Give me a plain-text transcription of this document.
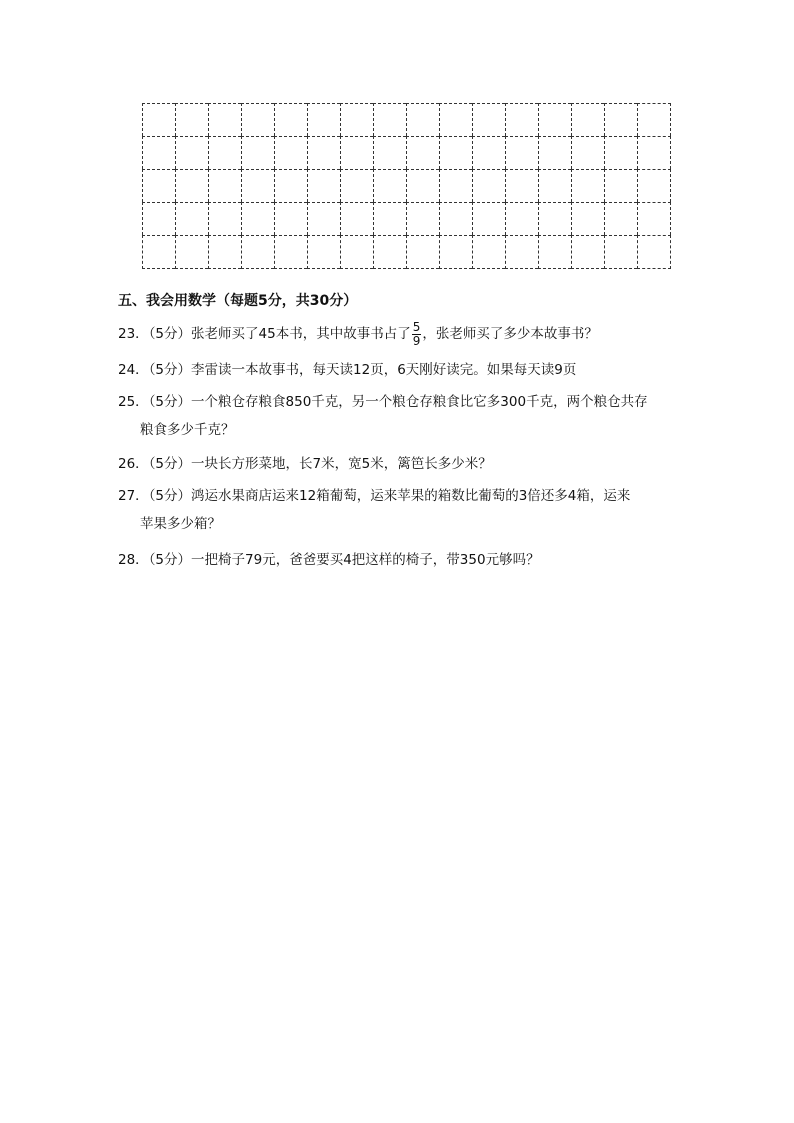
五、我会用数学（每题5分，共30分）
23．（5分）张老师买了45本书，其中故事书占了 $\frac{5}{9}$ ，张老师买了多少本故事书？
24．（5分）李雷读一本故事书，每天读12页，6天刚好读完。如果每天读9页
25．（5分）一个粮仓存粮食850千克，另一个粮仓存粮食比它多300千克，两个粮仓共存
粮食多少千克？
26．（5分）一块长方形菜地，长7米，宽5米，篱笆长多少米？
27．（5分）鸿运水果商店运来12箱葡萄，运来苹果的箱数比葡萄的3倍还多4箱，运来
苹果多少箱？
28．（5分）一把椅子79元，爸爸要买4把这样的椅子，带350元够吗？
